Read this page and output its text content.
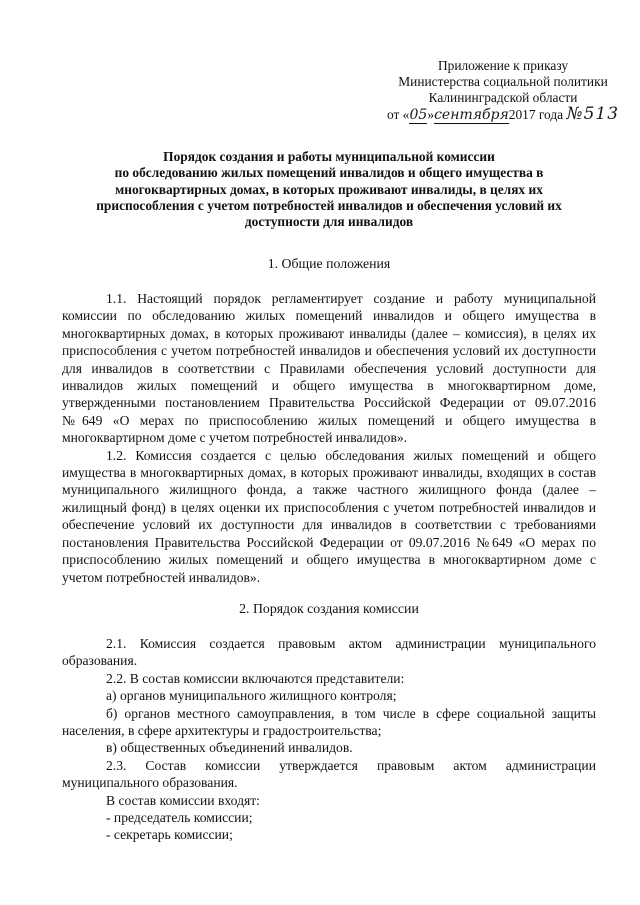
Приложение к приказу
Министерства социальной политики
Калининградской области
от «05»сентября2017 года №513
Порядок создания и работы муниципальной комиссии
по обследованию жилых помещений инвалидов и общего имущества в
многоквартирных домах, в которых проживают инвалиды, в целях их
приспособления с учетом потребностей инвалидов и обеспечения условий их
доступности для инвалидов
1. Общие положения

1.1. Настоящий порядок регламентирует создание и работу муниципальной комиссии по обследованию жилых помещений инвалидов и общего имущества в многоквартирных домах, в которых проживают инвалиды (далее – комиссия), в целях их приспособления с учетом потребностей инвалидов и обеспечения условий их доступности для инвалидов в соответствии с Правилами обеспечения условий доступности для инвалидов жилых помещений и общего имущества в многоквартирном доме, утвержденными постановлением Правительства Российской Федерации от 09.07.2016 №649 «О мерах по приспособлению жилых помещений и общего имущества в многоквартирном доме с учетом потребностей инвалидов».

1.2. Комиссия создается с целью обследования жилых помещений и общего имущества в многоквартирных домах, в которых проживают инвалиды, входящих в состав муниципального жилищного фонда, а также частного жилищного фонда (далее – жилищный фонд) в целях оценки их приспособления с учетом потребностей инвалидов и обеспечение условий их доступности для инвалидов в соответствии с требованиями постановления Правительства Российской Федерации от 09.07.2016 №649 «О мерах по приспособлению жилых помещений и общего имущества в многоквартирном доме с учетом потребностей инвалидов».

2. Порядок создания комиссии

2.1. Комиссия создается правовым актом администрации муниципального образования.

2.2. В состав комиссии включаются представители:

а) органов муниципального жилищного контроля;

б) органов местного самоуправления, в том числе в сфере социальной защиты населения, в сфере архитектуры и градостроительства;

в) общественных объединений инвалидов.

2.3. Состав комиссии утверждается правовым актом администрации муниципального образования.

В состав комиссии входят:

- председатель комиссии;

- секретарь комиссии;
